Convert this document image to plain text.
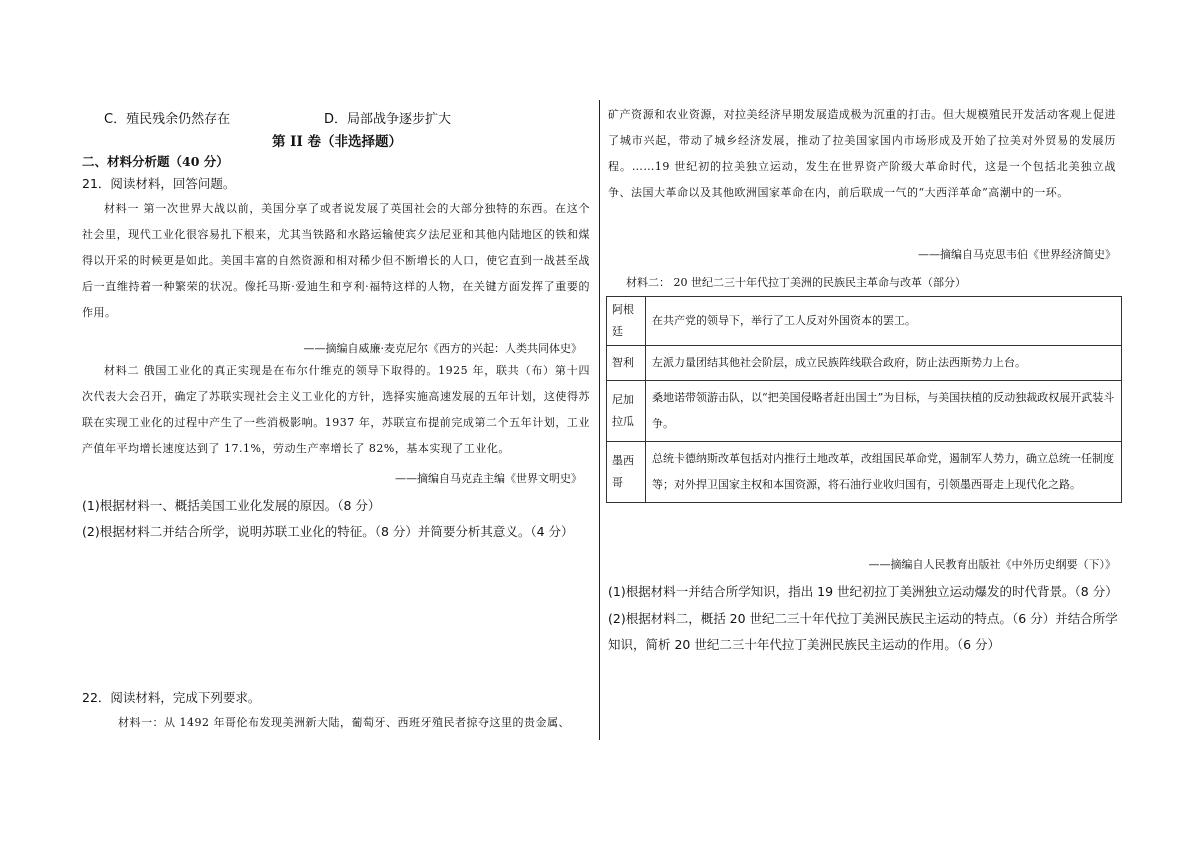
C．殖民残余仍然存在	D．局部战争逐步扩大
第 II 卷（非选择题）
二、材料分析题（40 分）
21．阅读材料，回答问题。

材料一 第一次世界大战以前，美国分享了或者说发展了英国社会的大部分独特的东西。在这个社会里，现代工业化很容易扎下根来，尤其当铁路和水路运输使宾夕法尼亚和其他内陆地区的铁和煤得以开采的时候更是如此。美国丰富的自然资源和相对稀少但不断增长的人口，使它直到一战甚至战后一直维持着一种繁荣的状况。像托马斯·爱迪生和亨利·福特这样的人物，在关键方面发挥了重要的作用。

——摘编自威廉·麦克尼尔《西方的兴起：人类共同体史》

材料二 俄国工业化的真正实现是在布尔什维克的领导下取得的。1925 年，联共（布）第十四次代表大会召开，确定了苏联实现社会主义工业化的方针，选择实施高速发展的五年计划，这使得苏联在实现工业化的过程中产生了一些消极影响。1937 年，苏联宣布提前完成第二个五年计划，工业产值年平均增长速度达到了 17.1%，劳动生产率增长了 82%，基本实现了工业化。

——摘编自马克垚主编《世界文明史》
(1)根据材料一、概括美国工业化发展的原因。（8 分）
(2)根据材料二并结合所学，说明苏联工业化的特征。（8 分）并简要分析其意义。（4 分）
22．阅读材料，完成下列要求。

材料一：从 1492 年哥伦布发现美洲新大陆，葡萄牙、西班牙殖民者掠夺这里的贵金属、

矿产资源和农业资源，对拉美经济早期发展造成极为沉重的打击。但大规模殖民开发活动客观上促进了城市兴起，带动了城乡经济发展，推动了拉美国家国内市场形成及开始了拉美对外贸易的发展历程。……19 世纪初的拉美独立运动，发生在世界资产阶级大革命时代，这是一个包括北美独立战争、法国大革命以及其他欧洲国家革命在内，前后联成一气的“大西洋革命”高潮中的一环。

——摘编自马克思韦伯《世界经济简史》
材料二： 20 世纪二三十年代拉丁美洲的民族民主革命与改革（部分）
阿根廷	在共产党的领导下，举行了工人反对外国资本的罢工。
智利	左派力量团结其他社会阶层，成立民族阵线联合政府，防止法西斯势力上台。
尼加拉瓜	桑地诺带领游击队，以“把美国侵略者赶出国土”为目标，与美国扶植的反动独裁政权展开武装斗争。
墨西哥	总统卡德纳斯改革包括对内推行土地改革，改组国民革命党，遏制军人势力，确立总统一任制度等；对外捍卫国家主权和本国资源，将石油行业收归国有，引领墨西哥走上现代化之路。
——摘编自人民教育出版社《中外历史纲要（下）》
(1)根据材料一并结合所学知识，指出 19 世纪初拉丁美洲独立运动爆发的时代背景。（8 分）
(2)根据材料二，概括 20 世纪二三十年代拉丁美洲民族民主运动的特点。（6 分）并结合所学知识，简析 20 世纪二三十年代拉丁美洲民族民主运动的作用。（6 分）
